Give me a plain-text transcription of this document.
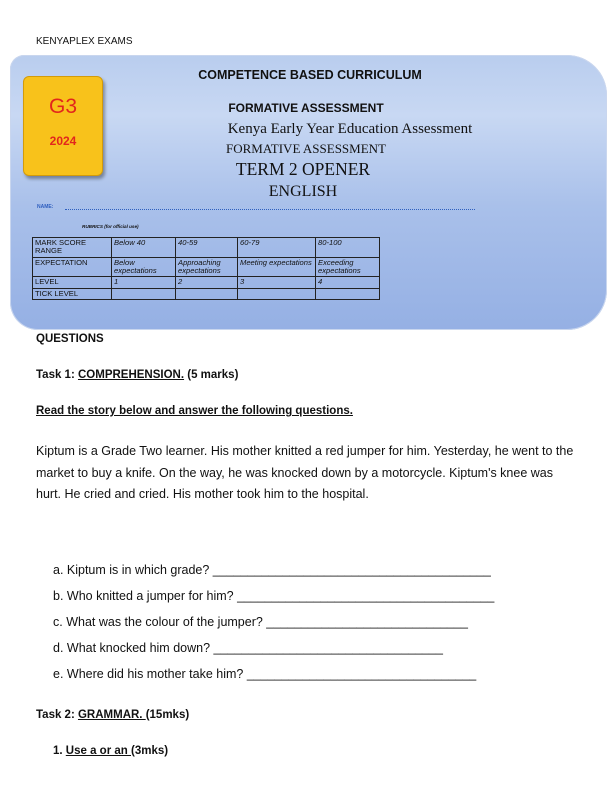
KENYAPLEX EXAMS
G3
2024
COMPETENCE BASED CURRICULUM
FORMATIVE ASSESSMENT
Kenya Early Year Education Assessment
FORMATIVE ASSESSMENT
TERM 2 OPENER
ENGLISH
NAME:
RUBRICS (for official use)
MARK SCORE RANGE	Below 40	40-59	60-79	80-100
EXPECTATION	Below expectations	Approaching expectations	Meeting expectations	Exceeding expectations
LEVEL	1	2	3	4
TICK LEVEL				
QUESTIONS
Task 1: COMPREHENSION. (5 marks)
Read the story below and answer the following questions.
Kiptum is a Grade Two learner. His mother knitted a red jumper for him. Yesterday, he went to the market to buy a knife. On the way, he was knocked down by a motorcycle. Kiptum's knee was hurt. He cried and cried. His mother took him to the hospital.
a. Kiptum is in which grade? ________________________________________
b. Who knitted a jumper for him? _____________________________________
c. What was the colour of the jumper? _____________________________
d. What knocked him down? _________________________________
e. Where did his mother take him? _________________________________
Task 2: GRAMMAR. (15mks)
1. Use a or an (3mks)
